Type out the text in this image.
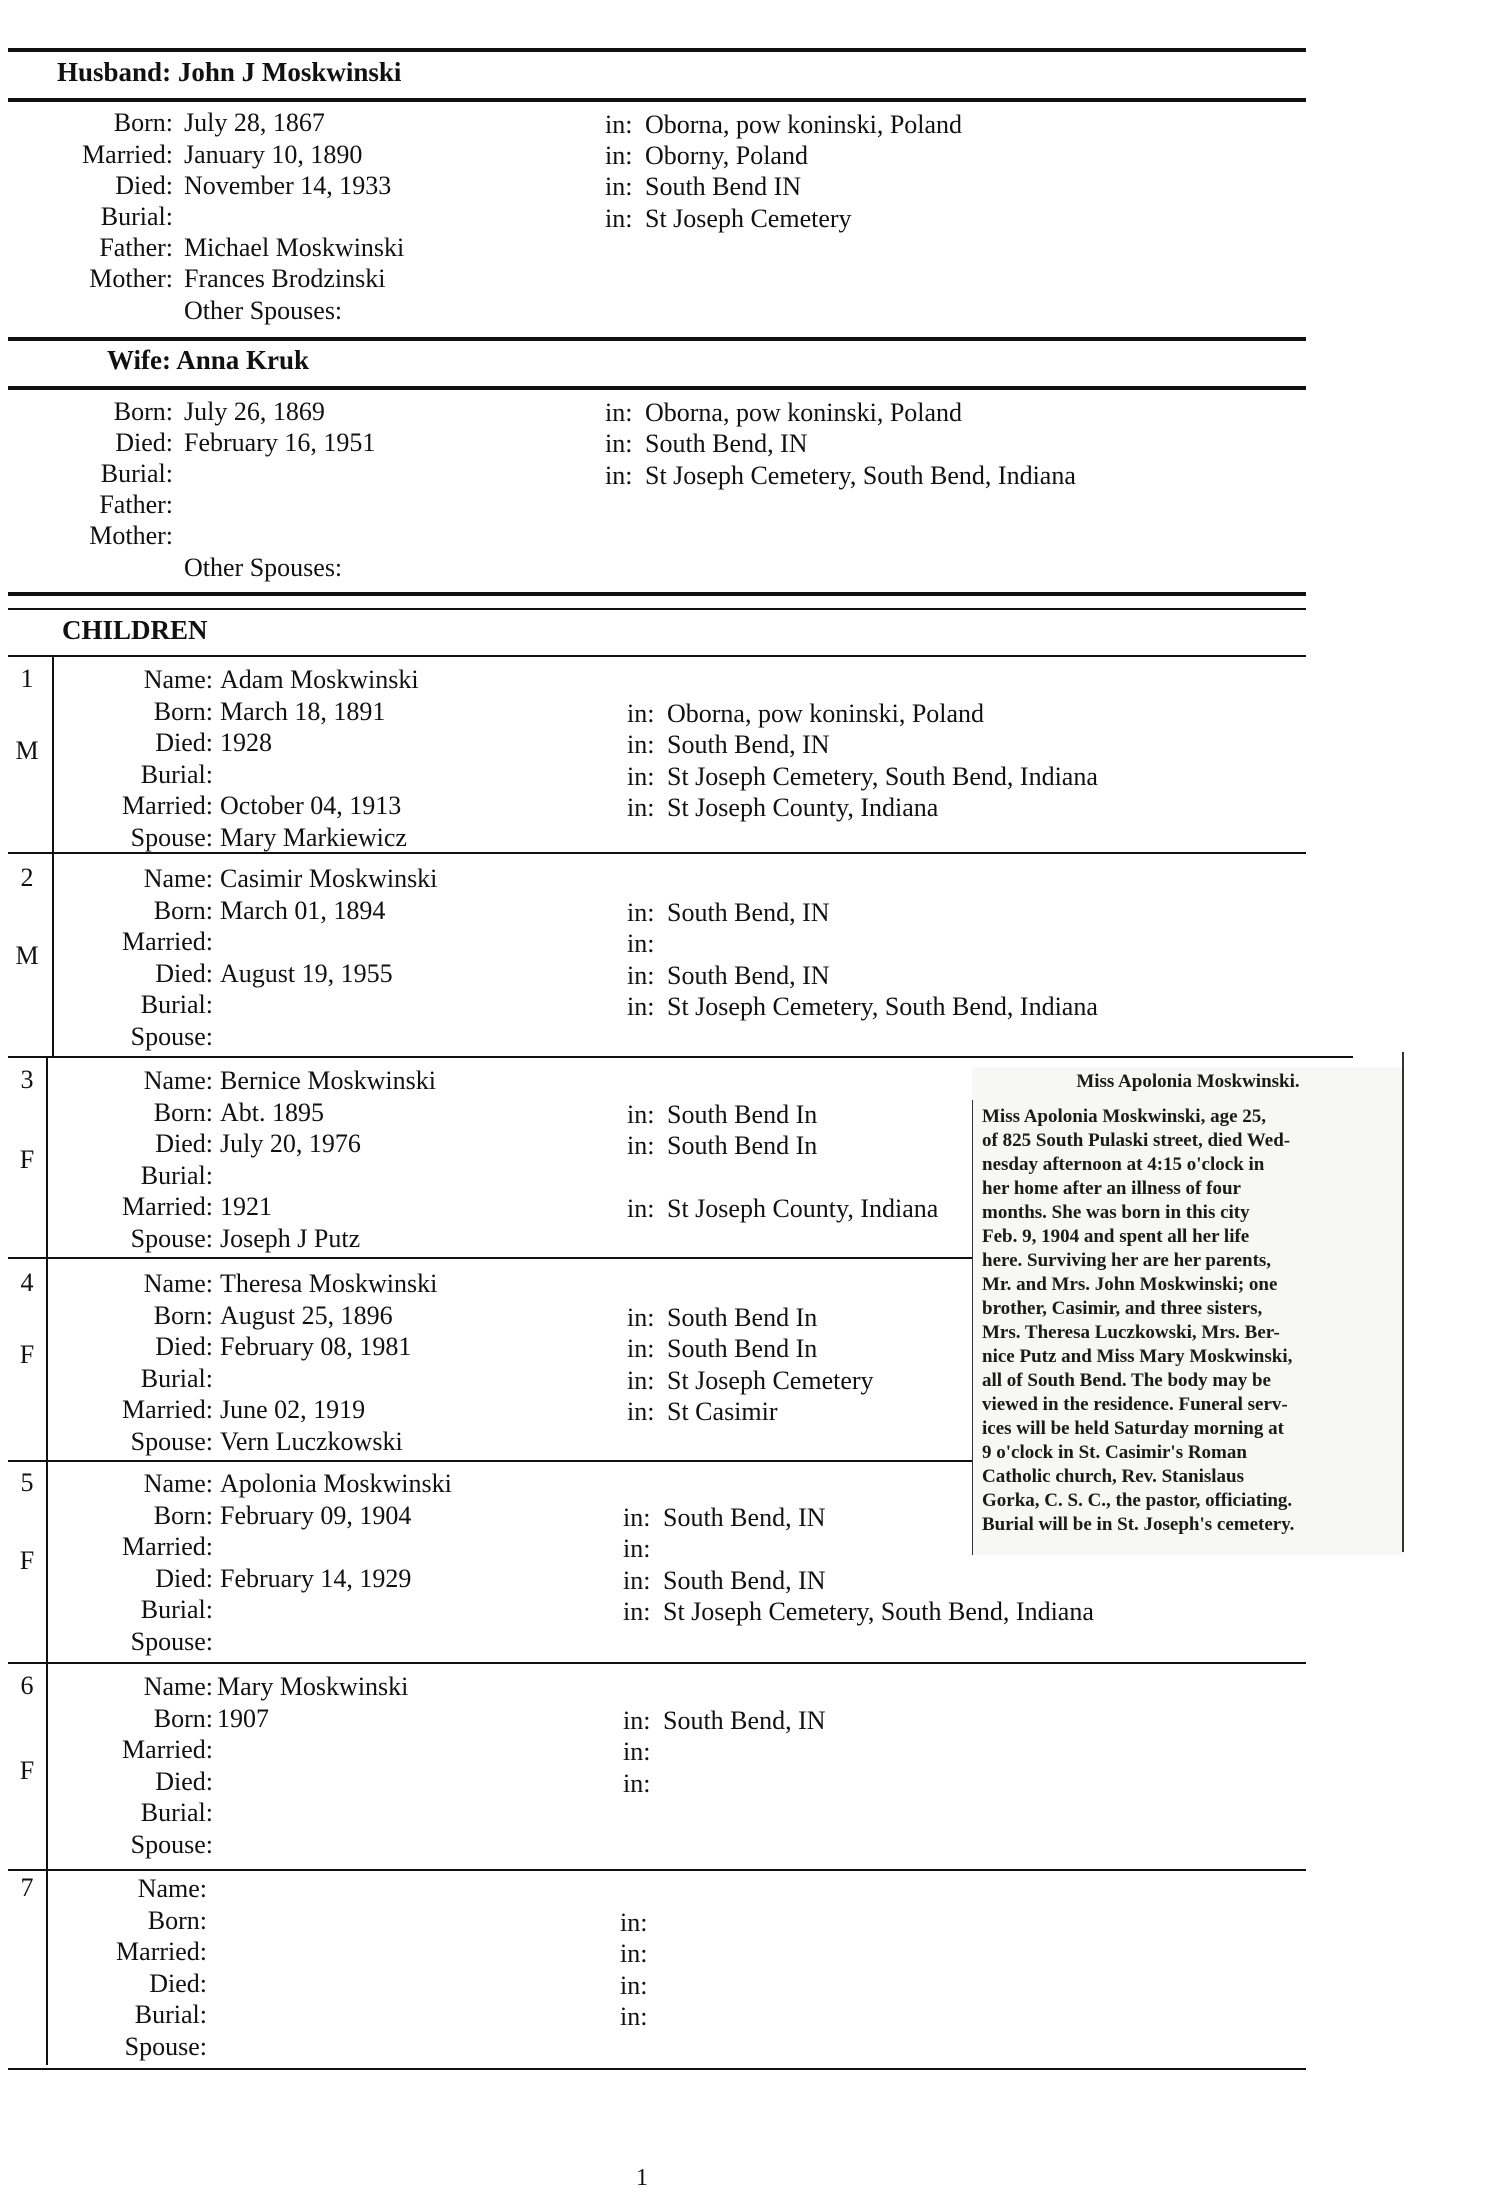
Husband: John J Moskwinski
Born: July 28, 1867	in: Oborna, pow koninski, Poland
Married: January 10, 1890	in: Oborny, Poland
Died: November 14, 1933	in: South Bend IN
Burial:	in: St Joseph Cemetery
Father: Michael Moskwinski
Mother: Frances Brodzinski
Other Spouses:
Wife: Anna Kruk
Born: July 26, 1869	in: Oborna, pow koninski, Poland
Died: February 16, 1951	in: South Bend, IN
Burial:	in: St Joseph Cemetery, South Bend, Indiana
Father:
Mother:
Other Spouses:
CHILDREN
1
M
Name: Adam Moskwinski
Born: March 18, 1891	in: Oborna, pow koninski, Poland
Died: 1928	in: South Bend, IN
Burial:	in: St Joseph Cemetery, South Bend, Indiana
Married: October 04, 1913	in: St Joseph County, Indiana
Spouse: Mary Markiewicz
2
M
Name: Casimir Moskwinski
Born: March 01, 1894	in: South Bend, IN
Married:	in:
Died: August 19, 1955	in: South Bend, IN
Burial:	in: St Joseph Cemetery, South Bend, Indiana
Spouse:
3
F
Name: Bernice Moskwinski
Born: Abt. 1895	in: South Bend In
Died: July 20, 1976	in: South Bend In
Burial:
Married: 1921	in: St Joseph County, Indiana
Spouse: Joseph J Putz
4
F
Name: Theresa Moskwinski
Born: August 25, 1896	in: South Bend In
Died: February 08, 1981	in: South Bend In
Burial:	in: St Joseph Cemetery
Married: June 02, 1919	in: St Casimir
Spouse: Vern Luczkowski
5
F
Name: Apolonia Moskwinski
Born: February 09, 1904	in: South Bend, IN
Married:	in:
Died: February 14, 1929	in: South Bend, IN
Burial:	in: St Joseph Cemetery, South Bend, Indiana
Spouse:
6
F
Name: Mary Moskwinski
Born: 1907	in: South Bend, IN
Married:	in:
Died:	in:
Burial:
Spouse:
7	Name:
Born:	in:
Married:	in:
Died:	in:
Burial:	in:
Spouse:
Miss Apolonia Moskwinski.
Miss Apolonia Moskwinski, age 25,
of 825 South Pulaski street, died Wed-
nesday afternoon at 4:15 o'clock in
her home after an illness of four
months. She was born in this city
Feb. 9, 1904 and spent all her life
here. Surviving her are her parents,
Mr. and Mrs. John Moskwinski; one
brother, Casimir, and three sisters,
Mrs. Theresa Luczkowski, Mrs. Ber-
nice Putz and Miss Mary Moskwinski,
all of South Bend. The body may be
viewed in the residence. Funeral serv-
ices will be held Saturday morning at
9 o'clock in St. Casimir's Roman
Catholic church, Rev. Stanislaus
Gorka, C. S. C., the pastor, officiating.
Burial will be in St. Joseph's cemetery.
1
